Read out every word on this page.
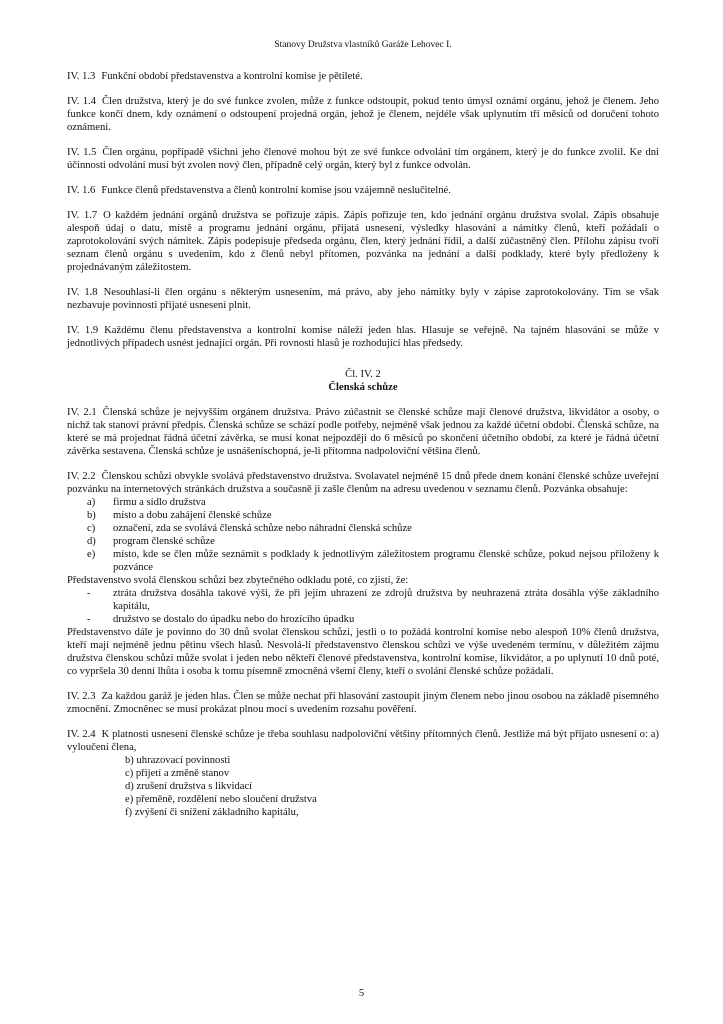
Stanovy Družstva vlastníků Garáže Lehovec I.

IV. 1.3 Funkční období představenstva a kontrolní komise je pětileté.

IV. 1.4 Člen družstva, který je do své funkce zvolen, může z funkce odstoupit, pokud tento úmysl oznámí orgánu, jehož je členem. Jeho funkce končí dnem, kdy oznámení o odstoupení projedná orgán, jehož je členem, nejdéle však uplynutím tří měsíců od doručení tohoto oznámení.

IV. 1.5 Člen orgánu, popřípadě všichni jeho členové mohou být ze své funkce odvoláni tím orgánem, který je do funkce zvolil. Ke dni účinnosti odvolání musí být zvolen nový člen, případně celý orgán, který byl z funkce odvolán.

IV. 1.6 Funkce členů představenstva a členů kontrolní komise jsou vzájemně neslučitelné.

IV. 1.7 O každém jednání orgánů družstva se pořizuje zápis. Zápis pořizuje ten, kdo jednání orgánu družstva svolal. Zápis obsahuje alespoň údaj o datu, místě a programu jednání orgánu, přijatá usnesení, výsledky hlasování a námitky členů, kteří požádali o zaprotokolování svých námitek. Zápis podepisuje předseda orgánu, člen, který jednání řídil, a další zúčastněný člen. Přílohu zápisu tvoří seznam členů orgánu s uvedením, kdo z členů nebyl přítomen, pozvánka na jednání a další podklady, které byly předloženy k projednávaným záležitostem.

IV. 1.8 Nesouhlasí-li člen orgánu s některým usnesením, má právo, aby jeho námitky byly v zápise zaprotokolovány. Tím se však nezbavuje povinnosti přijaté usnesení plnit.

IV. 1.9 Každému členu představenstva a kontrolní komise náleží jeden hlas. Hlasuje se veřejně. Na tajném hlasování se může v jednotlivých případech usnést jednající orgán. Při rovnosti hlasů je rozhodující hlas předsedy.

Čl. IV. 2
Členská schůze

IV. 2.1 Členská schůze je nejvyšším orgánem družstva. Právo zúčastnit se členské schůze mají členové družstva, likvidátor a osoby, o nichž tak stanoví právní předpis. Členská schůze se schází podle potřeby, nejméně však jednou za každé účetní období. Členská schůze, na které se má projednat řádná účetní závěrka, se musí konat nejpozději do 6 měsíců po skončení účetního období, za které je řádná účetní závěrka sestavena. Členská schůze je usnášeníschopná, je-li přítomna nadpoloviční většina členů.

IV. 2.2 Členskou schůzi obvykle svolává představenstvo družstva. Svolavatel nejméně 15 dnů přede dnem konání členské schůze uveřejní pozvánku na internetových stránkách družstva a současně ji zašle členům na adresu uvedenou v seznamu členů. Pozvánka obsahuje:

a)	firmu a sídlo družstva
b)	místo a dobu zahájení členské schůze
c)	označení, zda se svolává členská schůze nebo náhradní členská schůze
d)	program členské schůze
e)	místo, kde se člen může seznámit s podklady k jednotlivým záležitostem programu členské schůze, pokud nejsou přiloženy k pozvánce

Představenstvo svolá členskou schůzi bez zbytečného odkladu poté, co zjistí, že:

-	ztráta družstva dosáhla takové výši, že při jejím uhrazení ze zdrojů družstva by neuhrazená ztráta dosáhla výše základního kapitálu,
-	družstvo se dostalo do úpadku nebo do hrozícího úpadku

Představenstvo dále je povinno do 30 dnů svolat členskou schůzi, jestli o to požádá kontrolní komise nebo alespoň 10% členů družstva, kteří mají nejméně jednu pětinu všech hlasů. Nesvolá-li představenstvo členskou schůzi ve výše uvedeném termínu, v důležitém zájmu družstva členskou schůzi může svolat i jeden nebo někteří členové představenstva, kontrolní komise, likvidátor, a po uplynutí 10 dnů poté, co vypršela 30 denní lhůta i osoba k tomu písemně zmocněná všemi členy, kteří o svolání členské schůze požádali.

IV. 2.3 Za každou garáž je jeden hlas. Člen se může nechat při hlasování zastoupit jiným členem nebo jinou osobou na základě písemného zmocnění. Zmocněnec se musí prokázat plnou mocí s uvedením rozsahu pověření.

IV. 2.4 K platnosti usnesení členské schůze je třeba souhlasu nadpoloviční většiny přítomných členů. Jestliže má být přijato usnesení o: a) vyloučení člena,

b) uhrazovací povinnosti
c) přijetí a změně stanov
d) zrušení družstva s likvidací
e) přeměně, rozdělení nebo sloučení družstva
f) zvýšení či snížení základního kapitálu,
5
